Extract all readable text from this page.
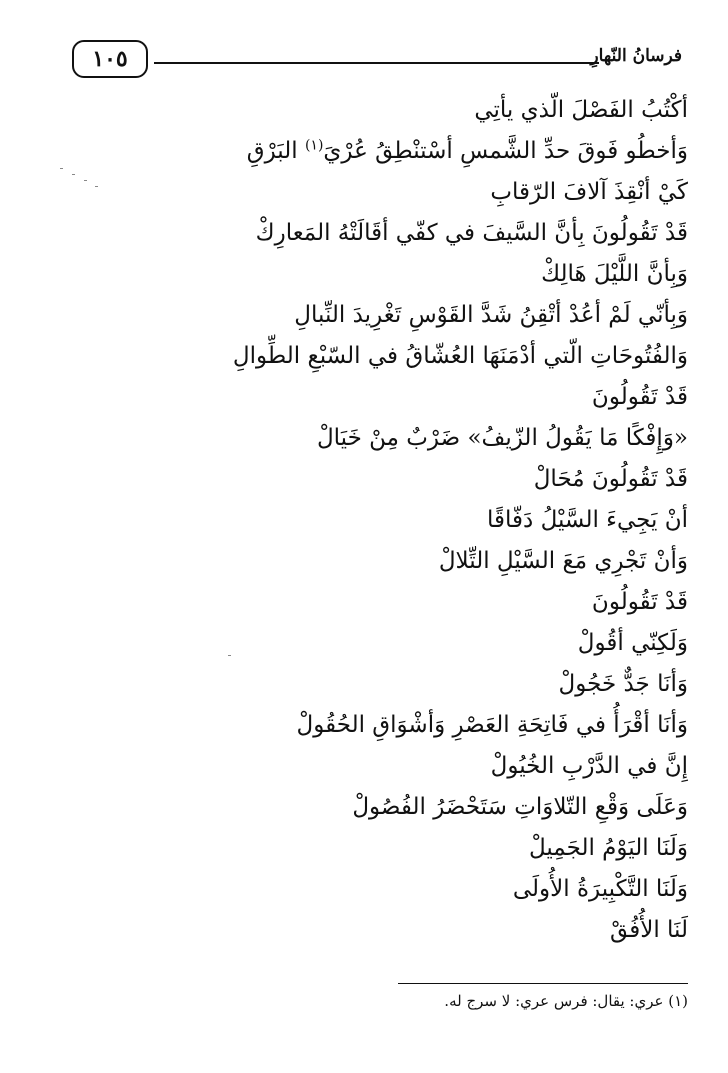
١٠٥	فرسانُ النّهارِ
أكْتُبُ الفَصْلَ الّذي يأتِي
وَأخطُو فَوقَ حدِّ الشَّمسِ أسْتنْطِقُ عُرْيَ$^{(١)}$ البَرْقِ
كَيْ أنْقِذَ آلافَ الرّقابِ
قَدْ تَقُولُونَ بِأنَّ السَّيفَ في كفّي أقَالَتْهُ المَعارِكْ
وَبِأنَّ اللَّيْلَ هَالِكْ
وَبِأنّي لَمْ أعُدْ أتْقِنُ شَدَّ القَوْسِ تَغْرِيدَ النِّبالِ
وَالفُتُوحَاتِ الّتي أدْمَنَهَا العُشّاقُ في السّبْعِ الطِّوالِ
قَدْ تَقُولُونَ
«وَإِفْكًا مَا يَقُولُ الزّيفُ» ضَرْبٌ مِنْ خَيَالْ
قَدْ تَقُولُونَ مُحَالْ
أنْ يَجِيءَ السَّيْلُ دَفّاقًا
وَأنْ تَجْرِي مَعَ السَّيْلِ التِّلالْ
قَدْ تَقُولُونَ
وَلَكِنّي أقُولْ
وَأنَا جَدٌّ خَجُولْ
وَأنَا أقْرَأُ في فَاتِحَةِ العَصْرِ وَأشْوَاقِ الحُقُولْ
إِنَّ في الدَّرْبِ الخُيُولْ
وَعَلَى وَقْعِ التّلاوَاتِ سَتَحْضَرُ الفُصُولْ
وَلَنَا اليَوْمُ الجَمِيلْ
وَلَنَا التَّكْبِيرَةُ الأُولَى
لَنَا الأُفُقْ
(١) عري: يقال: فرس عري: لا سرج له.
